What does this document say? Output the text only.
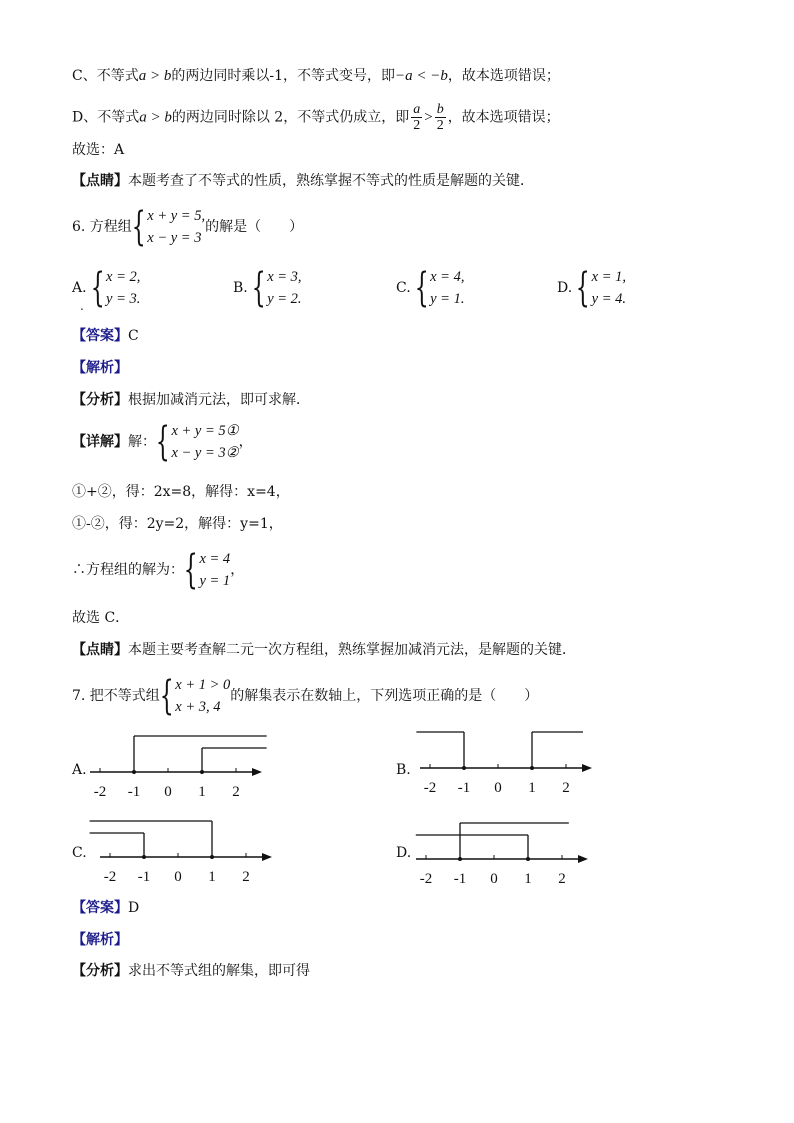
C、不等式a > b的两边同时乘以-1，不等式变号，即−a < −b，故本选项错误；
D、不等式a > b的两边同时除以 2，不等式仍成立，即 $\frac{a}{2} > \frac{b}{2}$ ，故本选项错误；
故选：A
【点睛】本题考查了不等式的性质，熟练掌握不等式的性质是解题的关键．
6. 方程组 { x + y = 5,
x − y = 3
的解是（　　）
A. { x = 2,
y = 3.
.
B. { x = 3,
y = 2.
C. { x = 4,
y = 1.
D. { x = 1,
y = 4.
【答案】C
【解析】
【分析】根据加减消元法，即可求解．
【详解】解： { x + y = 5①
x − y = 3②
，
①+②，得：2x=8，解得：x=4，
①-②，得：2y=2，解得：y=1，
∴方程组的解为： { x = 4
y = 1
，
故选 C．
【点睛】本题主要考查解二元一次方程组，熟练掌握加减消元法，是解题的关键．
7. 把不等式组 { x + 1 > 0
x + 3, 4
的解集表示在数轴上，下列选项正确的是（　　）
A.	B.
C.	D.
-2 -1 0 1 2	-2 -1 0 1 2
-2 -1 0 1 2	-2 -1 0 1 2
【答案】D
【解析】
【分析】求出不等式组的解集，即可得
